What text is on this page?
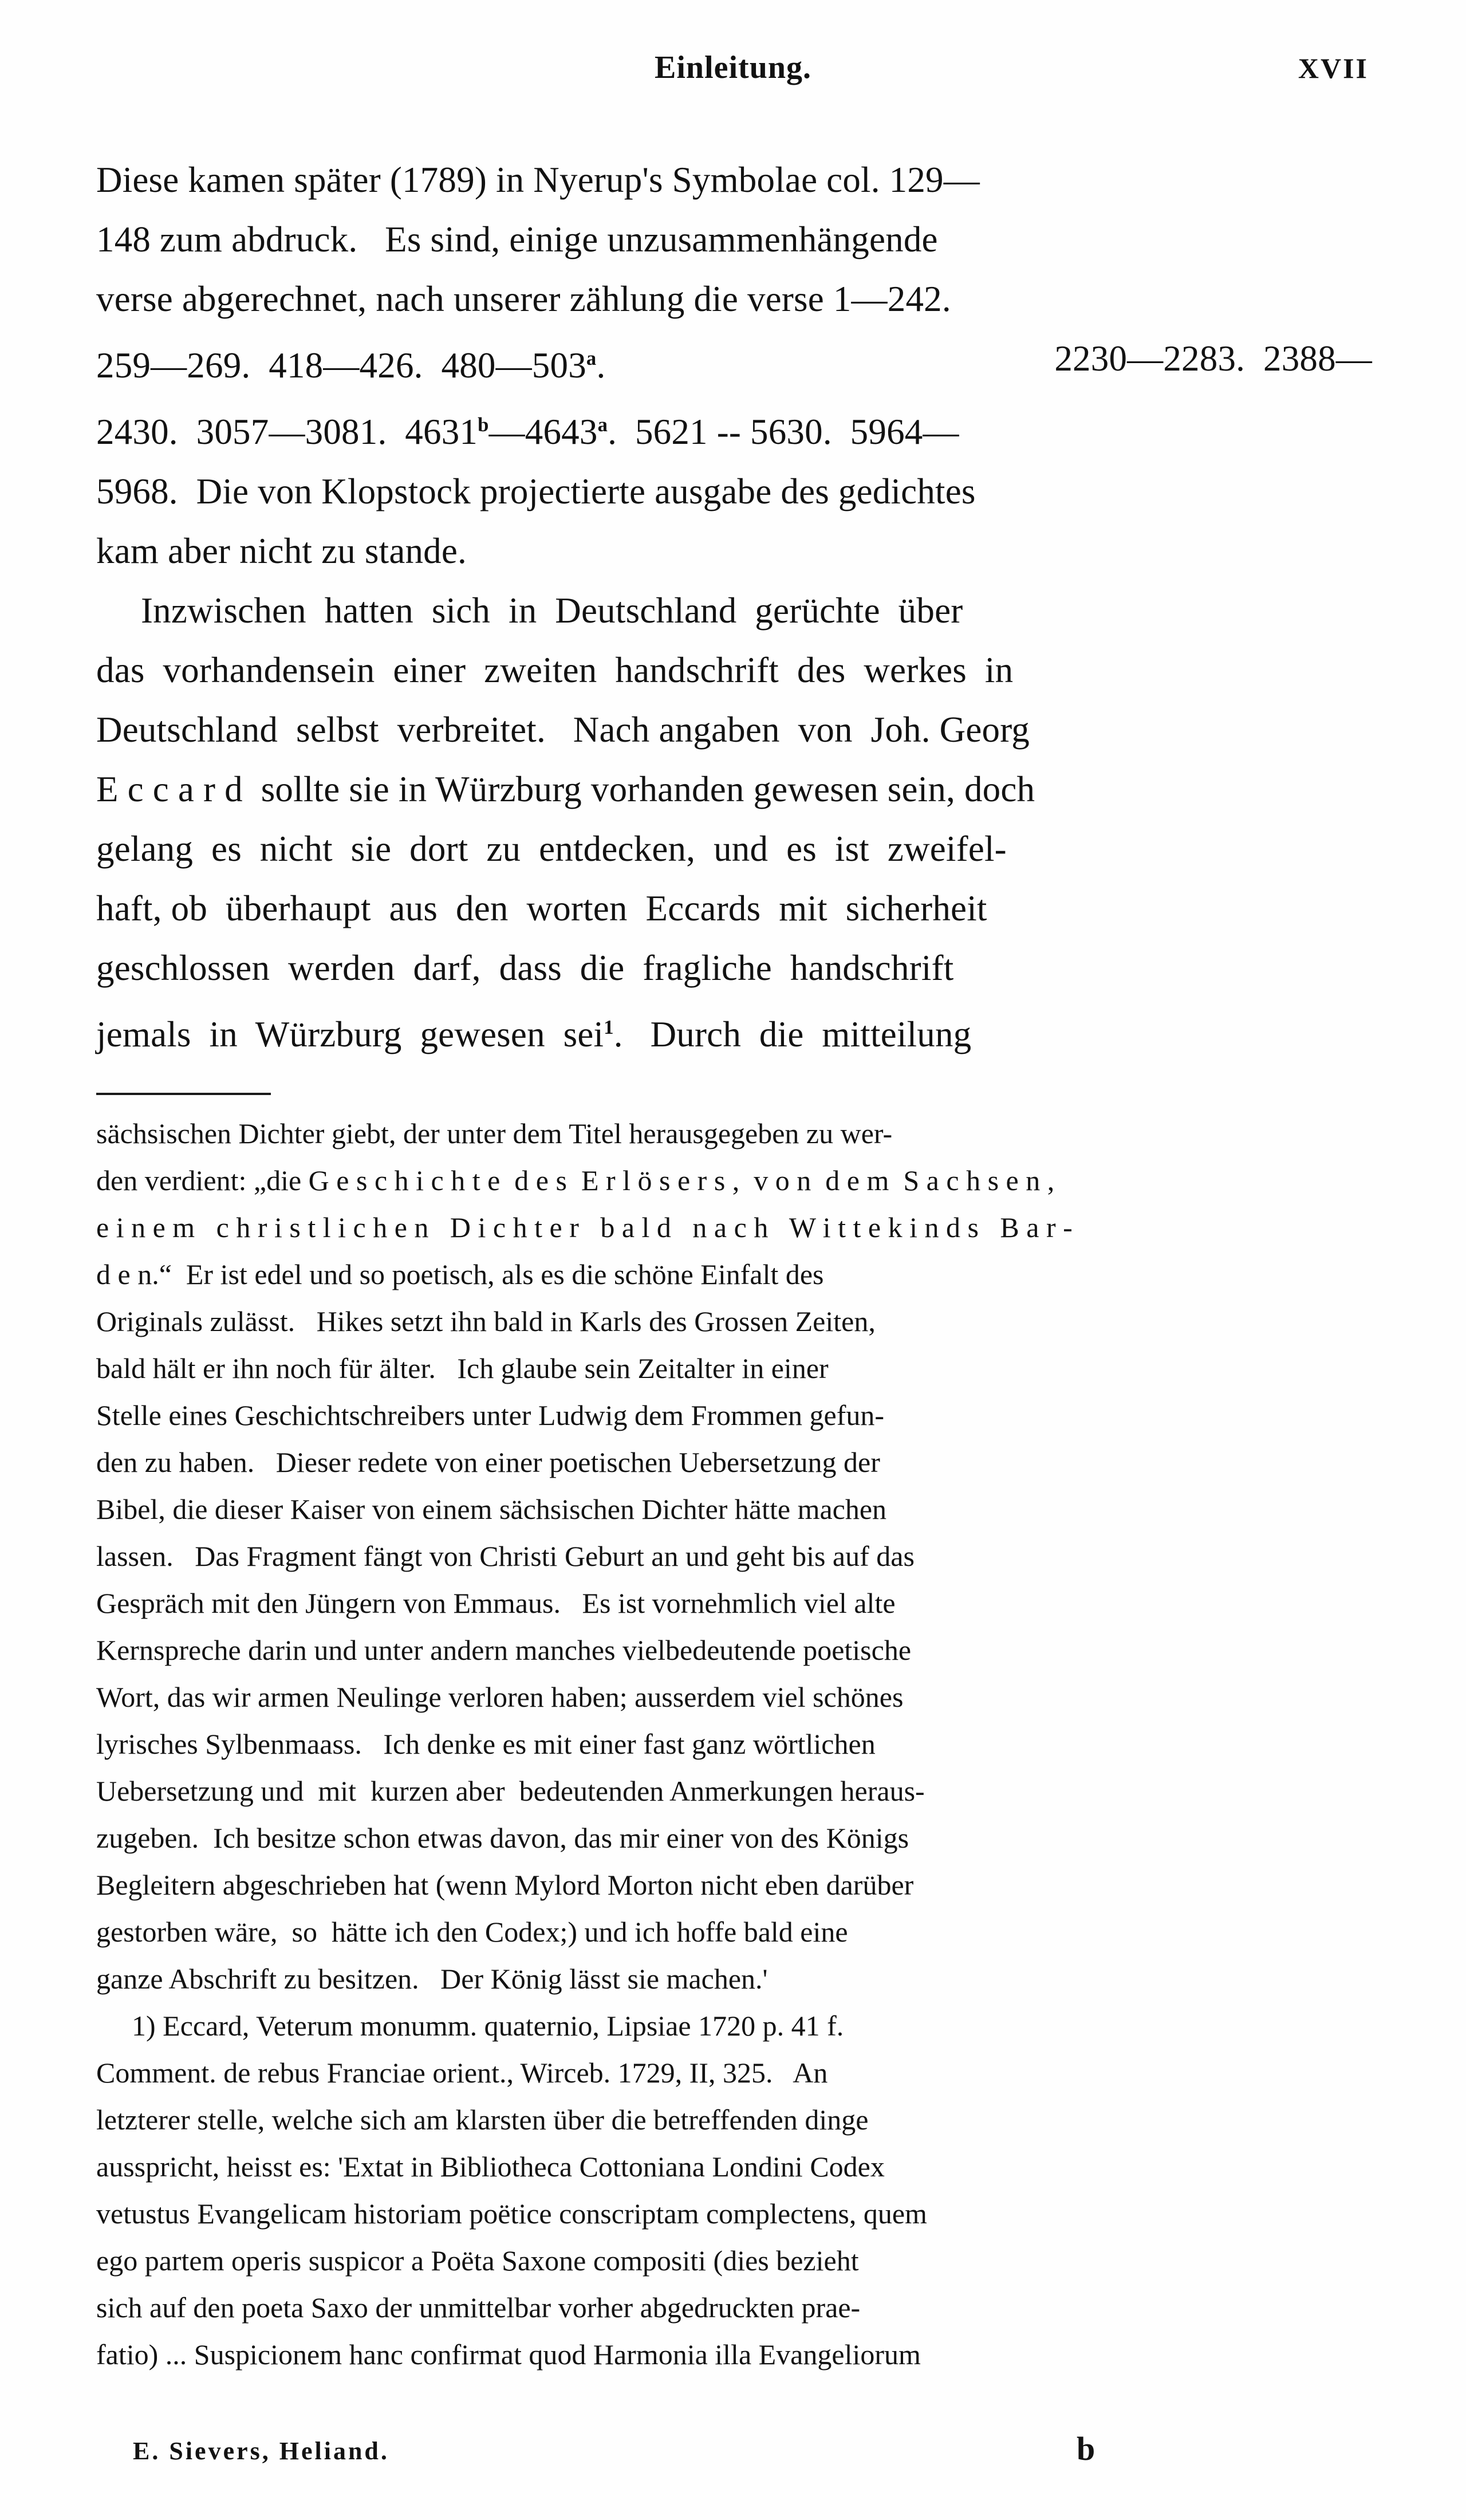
Einleitung.	XVII
Diese kamen später (1789) in Nyerup's Symbolae col. 129—
148 zum abdruck.   Es sind, einige unzusammenhängende
verse abgerechnet, nach unserer zählung die verse 1—242.
259—269.  418—426.  480—503$^a$.	2230—2283.  2388—
2430.  3057—3081.  4631$^b$—4643$^a$.  5621 -- 5630.  5964—
5968.  Die von Klopstock projectierte ausgabe des gedichtes
kam aber nicht zu stande.
Inzwischen  hatten  sich  in  Deutschland  gerüchte  über
das  vorhandensein  einer  zweiten  handschrift  des  werkes  in
Deutschland  selbst  verbreitet.   Nach angaben  von  Joh. Georg
E c c a r d  sollte sie in Würzburg vorhanden gewesen sein, doch
gelang  es  nicht  sie  dort  zu  entdecken,  und  es  ist  zweifel-
haft, ob  überhaupt  aus  den  worten  Eccards  mit  sicherheit
geschlossen  werden  darf,  dass  die  fragliche  handschrift
jemals  in  Würzburg  gewesen  sei$^1$.   Durch  die  mitteilung
sächsischen Dichter giebt, der unter dem Titel herausgegeben zu wer-
den verdient: „die G e s c h i c h t e  d e s  E r l ö s e r s ,  v o n  d e m  S a c h s e n ,
e i n e m   c h r i s t l i c h e n   D i c h t e r   b a l d   n a c h   W i t t e k i n d s   B a r -
d e n.“  Er ist edel und so poetisch, als es die schöne Einfalt des
Originals zulässt.   Hikes setzt ihn bald in Karls des Grossen Zeiten,
bald hält er ihn noch für älter.   Ich glaube sein Zeitalter in einer
Stelle eines Geschichtschreibers unter Ludwig dem Frommen gefun-
den zu haben.   Dieser redete von einer poetischen Uebersetzung der
Bibel, die dieser Kaiser von einem sächsischen Dichter hätte machen
lassen.   Das Fragment fängt von Christi Geburt an und geht bis auf das
Gespräch mit den Jüngern von Emmaus.   Es ist vornehmlich viel alte
Kernspreche darin und unter andern manches vielbedeutende poetische
Wort, das wir armen Neulinge verloren haben; ausserdem viel schönes
lyrisches Sylbenmaass.   Ich denke es mit einer fast ganz wörtlichen
Uebersetzung und  mit  kurzen aber  bedeutenden Anmerkungen heraus-
zugeben.  Ich besitze schon etwas davon, das mir einer von des Königs
Begleitern abgeschrieben hat (wenn Mylord Morton nicht eben darüber
gestorben wäre,  so  hätte ich den Codex;) und ich hoffe bald eine
ganze Abschrift zu besitzen.   Der König lässt sie machen.'
1) Eccard, Veterum monumm. quaternio, Lipsiae 1720 p. 41 f.
Comment. de rebus Franciae orient., Wirceb. 1729, II, 325.   An
letzterer stelle, welche sich am klarsten über die betreffenden dinge
ausspricht, heisst es: 'Extat in Bibliotheca Cottoniana Londini Codex
vetustus Evangelicam historiam poëtice conscriptam complectens, quem
ego partem operis suspicor a Poëta Saxone compositi (dies bezieht
sich auf den poeta Saxo der unmittelbar vorher abgedruckten prae-
fatio) ... Suspicionem hanc confirmat quod Harmonia illa Evangeliorum
E. Sievers, Heliand.	b
